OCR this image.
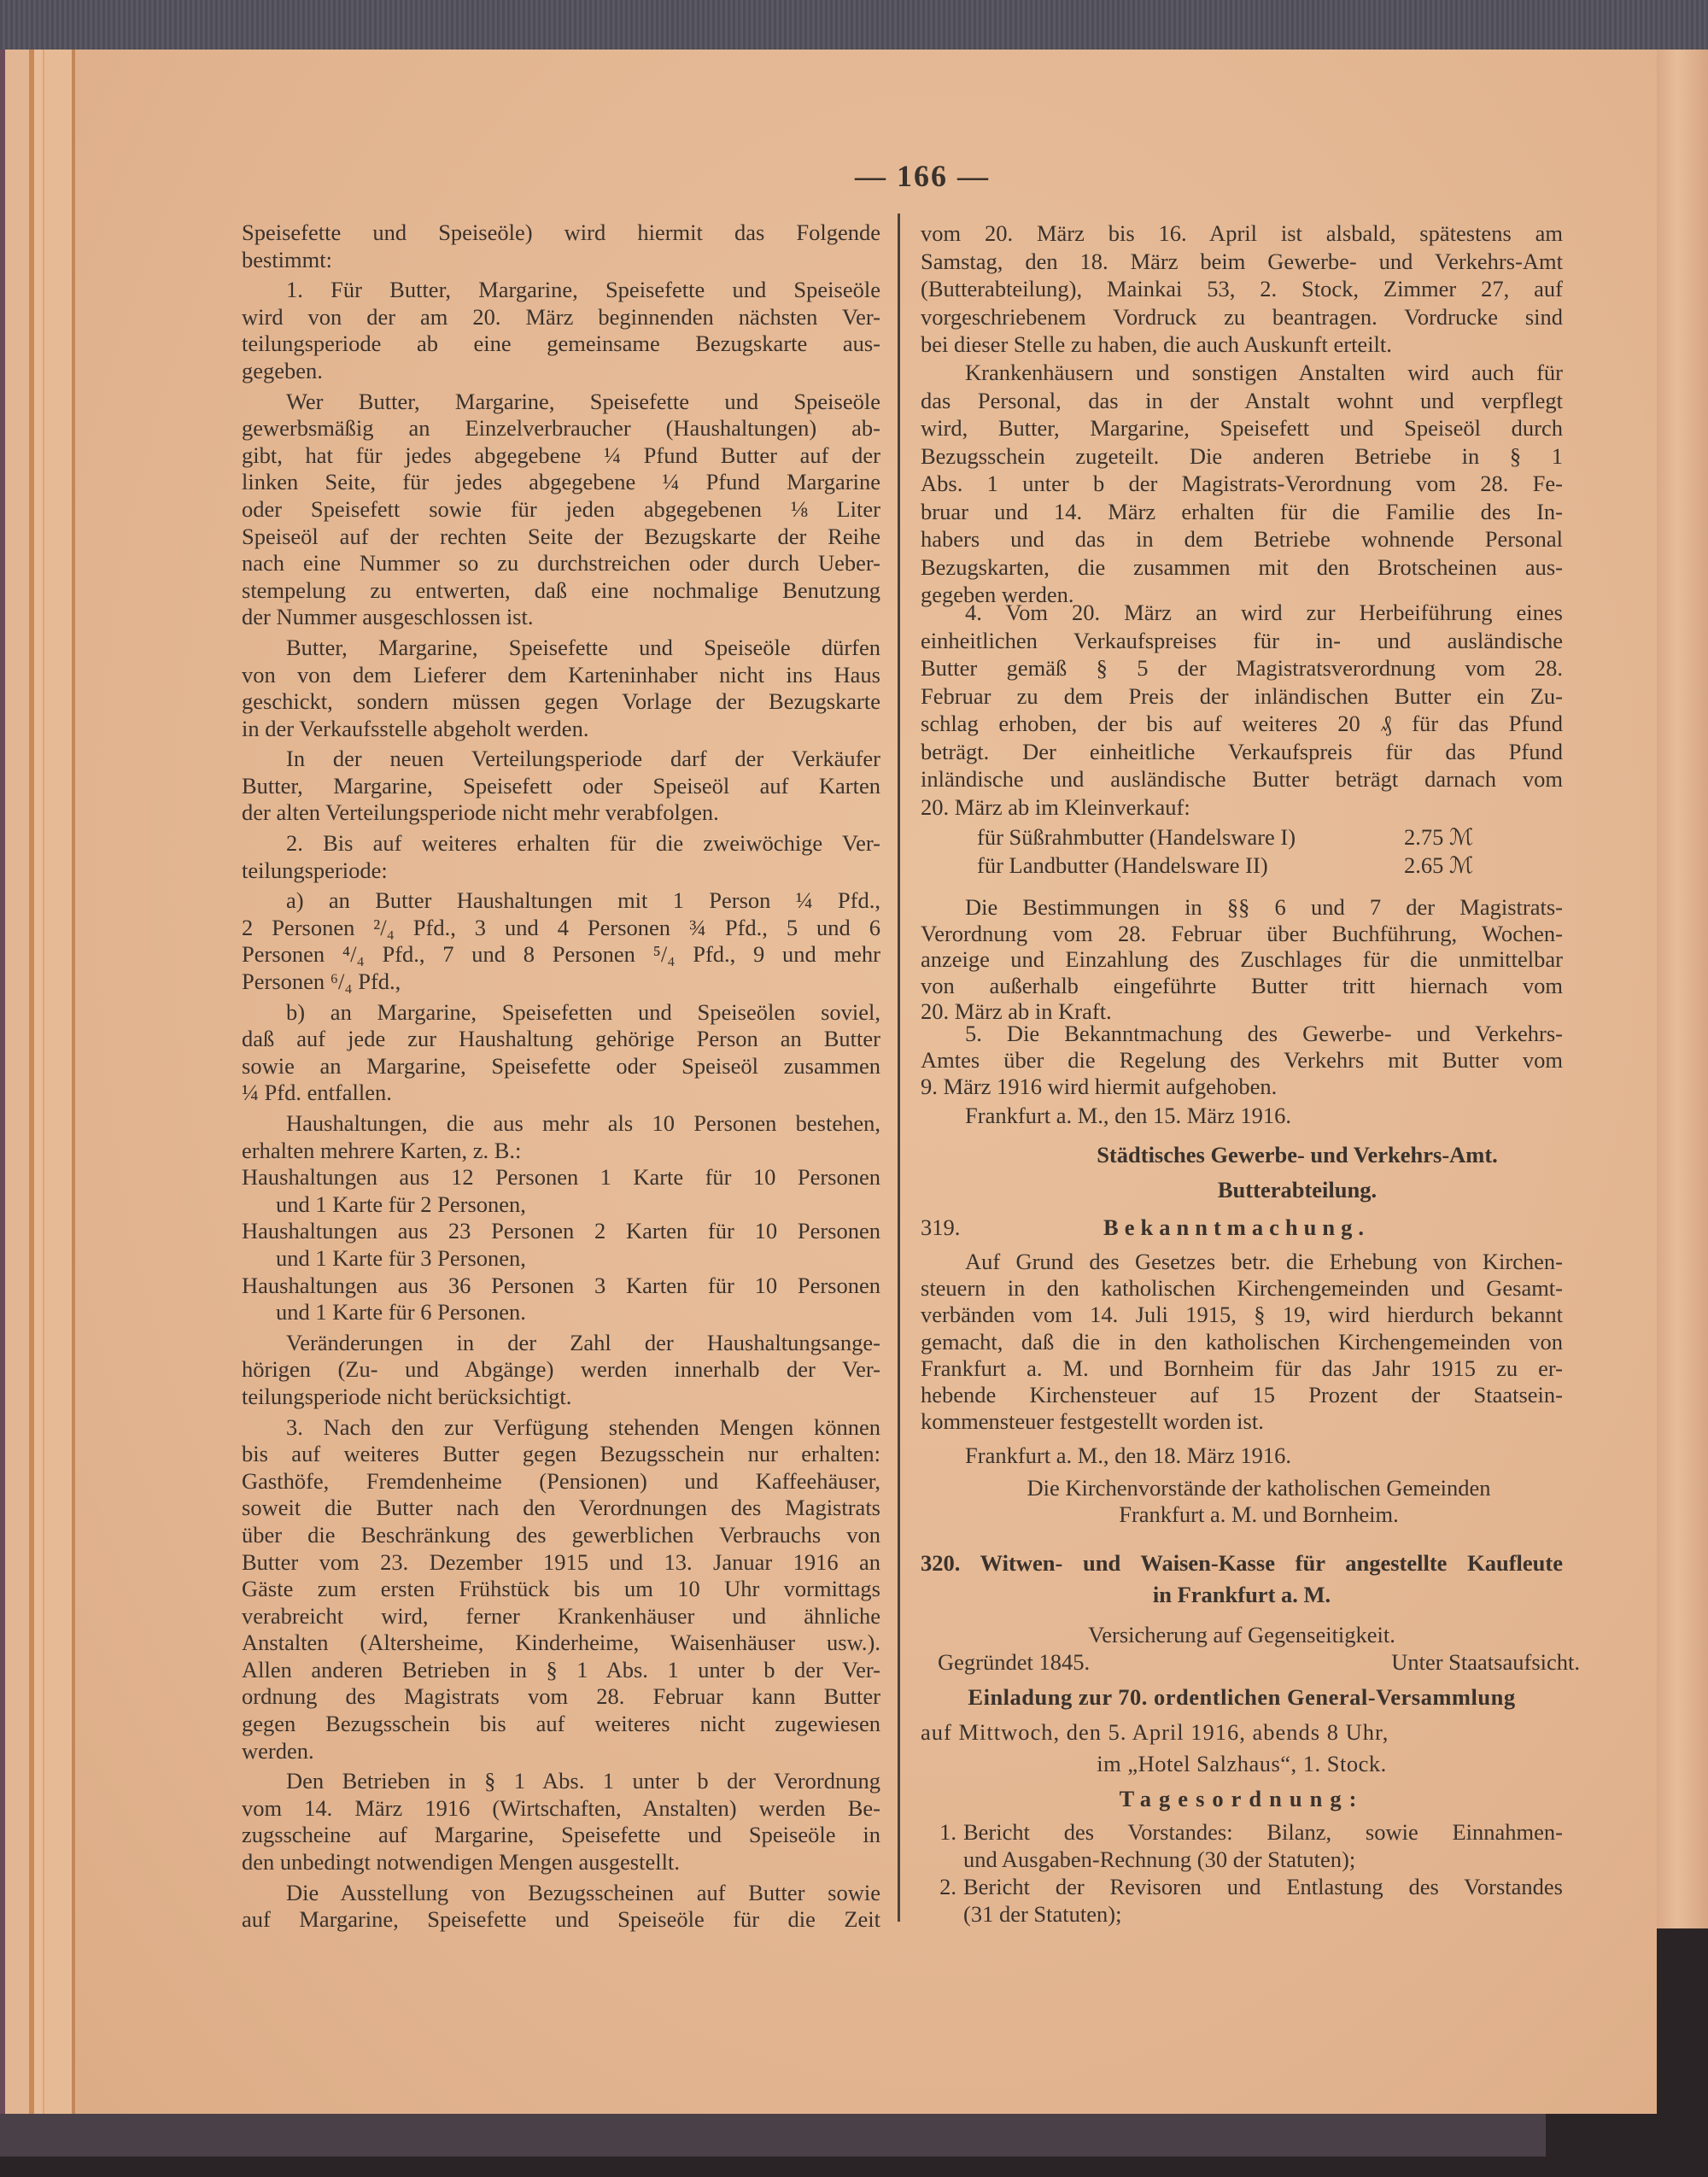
— 166 —
Speisefette und Speiseöle) wird hiermit das Folgende
bestimmt:
1. Für Butter, Margarine, Speisefette und Speiseöle
wird von der am 20. März beginnenden nächsten Ver-
teilungsperiode ab eine gemeinsame Bezugskarte aus-
gegeben.
Wer Butter, Margarine, Speisefette und Speiseöle
gewerbsmäßig an Einzelverbraucher (Haushaltungen) ab-
gibt, hat für jedes abgegebene ¼ Pfund Butter auf der
linken Seite, für jedes abgegebene ¼ Pfund Margarine
oder Speisefett sowie für jeden abgegebenen ⅛ Liter
Speiseöl auf der rechten Seite der Bezugskarte der Reihe
nach eine Nummer so zu durchstreichen oder durch Ueber-
stempelung zu entwerten, daß eine nochmalige Benutzung
der Nummer ausgeschlossen ist.
Butter, Margarine, Speisefette und Speiseöle dürfen
von von dem Lieferer dem Karteninhaber nicht ins Haus
geschickt, sondern müssen gegen Vorlage der Bezugskarte
in der Verkaufsstelle abgeholt werden.
In der neuen Verteilungsperiode darf der Verkäufer
Butter, Margarine, Speisefett oder Speiseöl auf Karten
der alten Verteilungsperiode nicht mehr verabfolgen.
2. Bis auf weiteres erhalten für die zweiwöchige Ver-
teilungsperiode:
a) an Butter Haushaltungen mit 1 Person ¼ Pfd.,
2 Personen ²/₄ Pfd., 3 und 4 Personen ¾ Pfd., 5 und 6
Personen ⁴/₄ Pfd., 7 und 8 Personen ⁵/₄ Pfd., 9 und mehr
Personen ⁶/₄ Pfd.,
b) an Margarine, Speisefetten und Speiseölen soviel,
daß auf jede zur Haushaltung gehörige Person an Butter
sowie an Margarine, Speisefette oder Speiseöl zusammen
¼ Pfd. entfallen.
Haushaltungen, die aus mehr als 10 Personen bestehen,
erhalten mehrere Karten, z. B.:
Haushaltungen aus 12 Personen 1 Karte für 10 Personen
und 1 Karte für 2 Personen,
Haushaltungen aus 23 Personen 2 Karten für 10 Personen
und 1 Karte für 3 Personen,
Haushaltungen aus 36 Personen 3 Karten für 10 Personen
und 1 Karte für 6 Personen.
Veränderungen in der Zahl der Haushaltungsange-
hörigen (Zu- und Abgänge) werden innerhalb der Ver-
teilungsperiode nicht berücksichtigt.
3. Nach den zur Verfügung stehenden Mengen können
bis auf weiteres Butter gegen Bezugsschein nur erhalten:
Gasthöfe, Fremdenheime (Pensionen) und Kaffeehäuser,
soweit die Butter nach den Verordnungen des Magistrats
über die Beschränkung des gewerblichen Verbrauchs von
Butter vom 23. Dezember 1915 und 13. Januar 1916 an
Gäste zum ersten Frühstück bis um 10 Uhr vormittags
verabreicht wird, ferner Krankenhäuser und ähnliche
Anstalten (Altersheime, Kinderheime, Waisenhäuser usw.).
Allen anderen Betrieben in § 1 Abs. 1 unter b der Ver-
ordnung des Magistrats vom 28. Februar kann Butter
gegen Bezugsschein bis auf weiteres nicht zugewiesen
werden.
Den Betrieben in § 1 Abs. 1 unter b der Verordnung
vom 14. März 1916 (Wirtschaften, Anstalten) werden Be-
zugsscheine auf Margarine, Speisefette und Speiseöle in
den unbedingt notwendigen Mengen ausgestellt.
Die Ausstellung von Bezugsscheinen auf Butter sowie
auf Margarine, Speisefette und Speiseöle für die Zeit
vom 20. März bis 16. April ist alsbald, spätestens am
Samstag, den 18. März beim Gewerbe- und Verkehrs-Amt
(Butterabteilung), Mainkai 53, 2. Stock, Zimmer 27, auf
vorgeschriebenem Vordruck zu beantragen. Vordrucke sind
bei dieser Stelle zu haben, die auch Auskunft erteilt.
Krankenhäusern und sonstigen Anstalten wird auch für
das Personal, das in der Anstalt wohnt und verpflegt
wird, Butter, Margarine, Speisefett und Speiseöl durch
Bezugsschein zugeteilt. Die anderen Betriebe in § 1
Abs. 1 unter b der Magistrats-Verordnung vom 28. Fe-
bruar und 14. März erhalten für die Familie des In-
habers und das in dem Betriebe wohnende Personal
Bezugskarten, die zusammen mit den Brotscheinen aus-
gegeben werden.
4. Vom 20. März an wird zur Herbeiführung eines
einheitlichen Verkaufspreises für in- und ausländische
Butter gemäß § 5 der Magistratsverordnung vom 28.
Februar zu dem Preis der inländischen Butter ein Zu-
schlag erhoben, der bis auf weiteres 20 ₰ für das Pfund
beträgt. Der einheitliche Verkaufspreis für das Pfund
inländische und ausländische Butter beträgt darnach vom
20. März ab im Kleinverkauf:
für Süßrahmbutter (Handelsware I)	2.75 ℳ
für Landbutter (Handelsware II)	2.65 ℳ
Die Bestimmungen in §§ 6 und 7 der Magistrats-
Verordnung vom 28. Februar über Buchführung, Wochen-
anzeige und Einzahlung des Zuschlages für die unmittelbar
von außerhalb eingeführte Butter tritt hiernach vom
20. März ab in Kraft.
5. Die Bekanntmachung des Gewerbe- und Verkehrs-
Amtes über die Regelung des Verkehrs mit Butter vom
9. März 1916 wird hiermit aufgehoben.
Frankfurt a. M., den 15. März 1916.
Städtisches Gewerbe- und Verkehrs-Amt.
Butterabteilung.
319.	Bekanntmachung.
Auf Grund des Gesetzes betr. die Erhebung von Kirchen-
steuern in den katholischen Kirchengemeinden und Gesamt-
verbänden vom 14. Juli 1915, § 19, wird hierdurch bekannt
gemacht, daß die in den katholischen Kirchengemeinden von
Frankfurt a. M. und Bornheim für das Jahr 1915 zu er-
hebende Kirchensteuer auf 15 Prozent der Staatsein-
kommensteuer festgestellt worden ist.
Frankfurt a. M., den 18. März 1916.
Die Kirchenvorstände der katholischen Gemeinden
Frankfurt a. M. und Bornheim.
320. Witwen- und Waisen-Kasse für angestellte Kaufleute
in Frankfurt a. M.
Versicherung auf Gegenseitigkeit.
Gegründet 1845.	Unter Staatsaufsicht.
Einladung zur 70. ordentlichen General-Versammlung
auf Mittwoch, den 5. April 1916, abends 8 Uhr,
im „Hotel Salzhaus“, 1. Stock.
Tagesordnung:
1. Bericht des Vorstandes: Bilanz, sowie Einnahmen-
und Ausgaben-Rechnung (30 der Statuten);
2. Bericht der Revisoren und Entlastung des Vorstandes
(31 der Statuten);
